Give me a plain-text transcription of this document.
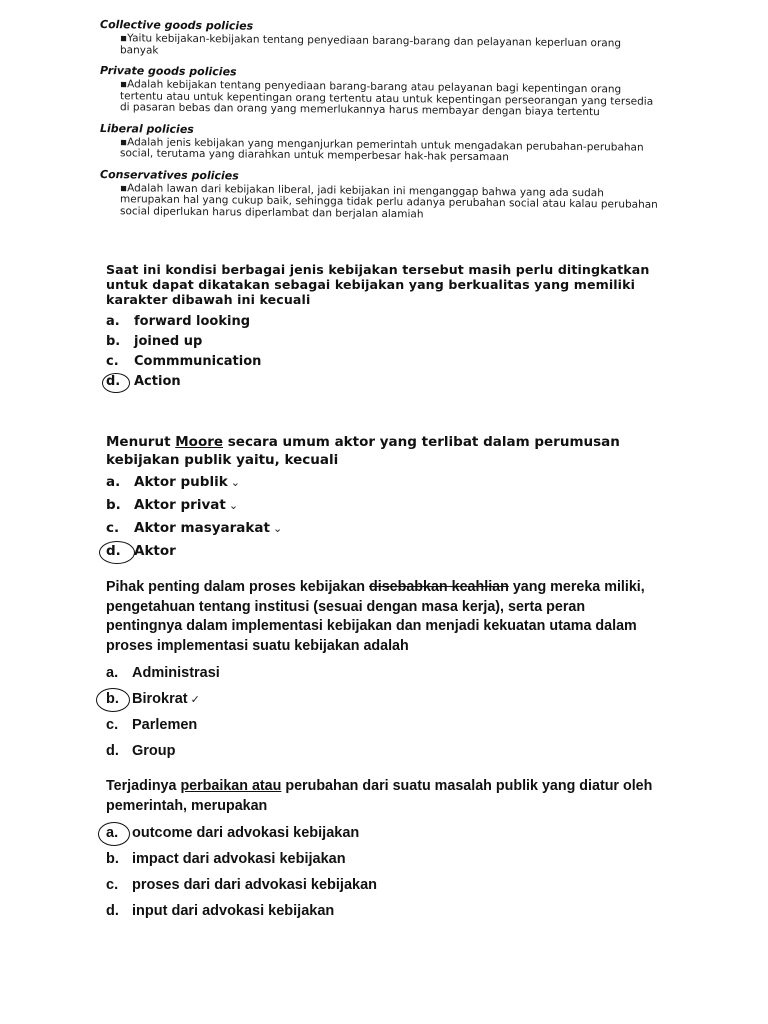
Collective goods policies

▪Yaitu kebijakan-kebijakan tentang penyediaan barang-barang dan pelayanan keperluan orang banyak

Private goods policies

▪Adalah kebijakan tentang penyediaan barang-barang atau pelayanan bagi kepentingan orang tertentu atau untuk kepentingan orang tertentu atau untuk kepentingan perseorangan yang tersedia di pasaran bebas dan orang yang memerlukannya harus membayar dengan biaya tertentu

Liberal policies

▪Adalah jenis kebijakan yang menganjurkan pemerintah untuk mengadakan perubahan-perubahan social, terutama yang diarahkan untuk memperbesar hak-hak persamaan

Conservatives policies

▪Adalah lawan dari kebijakan liberal, jadi kebijakan ini menganggap bahwa yang ada sudah merupakan hal yang cukup baik, sehingga tidak perlu adanya perubahan social atau kalau perubahan social diperlukan harus diperlambat dan berjalan alamiah

Saat ini kondisi berbagai jenis kebijakan tersebut masih perlu ditingkatkan untuk dapat dikatakan sebagai kebijakan yang berkualitas yang memiliki karakter dibawah ini kecuali

a. forward looking
b. joined up
c. Commmunication
d. Action

Menurut Moore secara umum aktor yang terlibat dalam perumusan kebijakan publik yaitu, kecuali

a. Aktor publik ⌄
b. Aktor privat ⌄
c. Aktor masyarakat ⌄
d. Aktor

Pihak penting dalam proses kebijakan disebabkan keahlian yang mereka miliki, pengetahuan tentang institusi (sesuai dengan masa kerja), serta peran pentingnya dalam implementasi kebijakan dan menjadi kekuatan utama dalam proses implementasi suatu kebijakan adalah

a. Administrasi
b. Birokrat ✓
c. Parlemen
d. Group

Terjadinya perbaikan atau perubahan dari suatu masalah publik yang diatur oleh pemerintah, merupakan

a. outcome dari advokasi kebijakan
b. impact dari advokasi kebijakan
c. proses dari dari advokasi kebijakan
d. input dari advokasi kebijakan
